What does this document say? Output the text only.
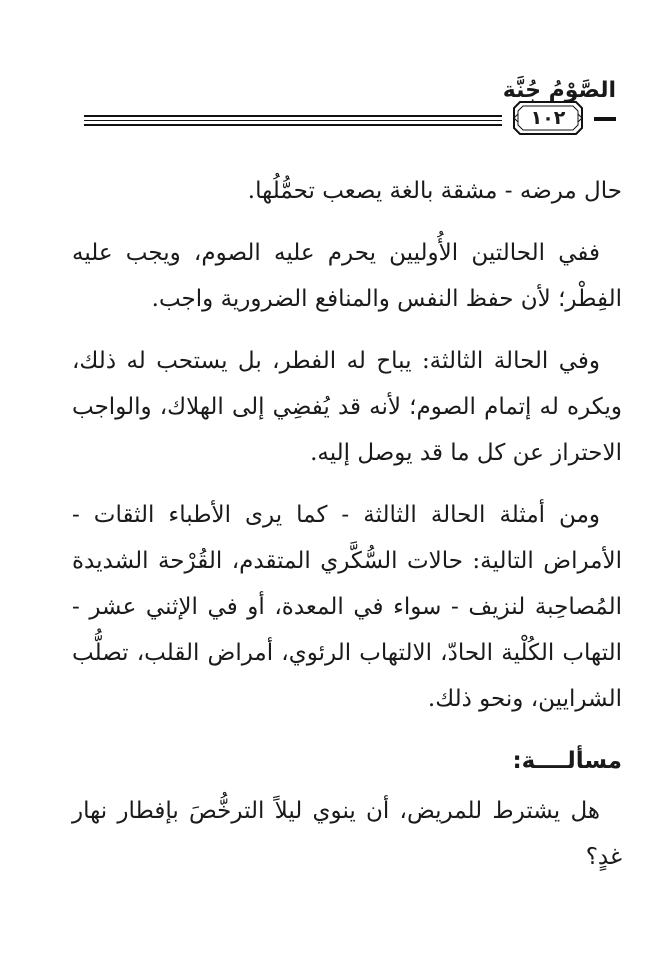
الصَّوْمُ جُنَّة
١٠٢

حال مرضه - مشقة بالغة يصعب تحمُّلُها.

ففي الحالتين الأُوليين يحرم عليه الصوم، ويجب عليه الفِطْر؛ لأن حفظ النفس والمنافع الضرورية واجب.

وفي الحالة الثالثة: يباح له الفطر، بل يستحب له ذلك، ويكره له إتمام الصوم؛ لأنه قد يُفضِي إلى الهلاك، والواجب الاحتراز عن كل ما قد يوصل إليه.

ومن أمثلة الحالة الثالثة - كما يرى الأطباء الثقات - الأمراض التالية: حالات السُّكَّري المتقدم، القُرْحة الشديدة المُصاحِبة لنزيف - سواء في المعدة، أو في الإثني عشر - التهاب الكُلْية الحادّ، الالتهاب الرئوي، أمراض القلب، تصلُّب الشرايين، ونحو ذلك.

مسألــــة:

هل يشترط للمريض، أن ينوي ليلاً الترخُّصَ بإفطار نهار غدٍ؟
